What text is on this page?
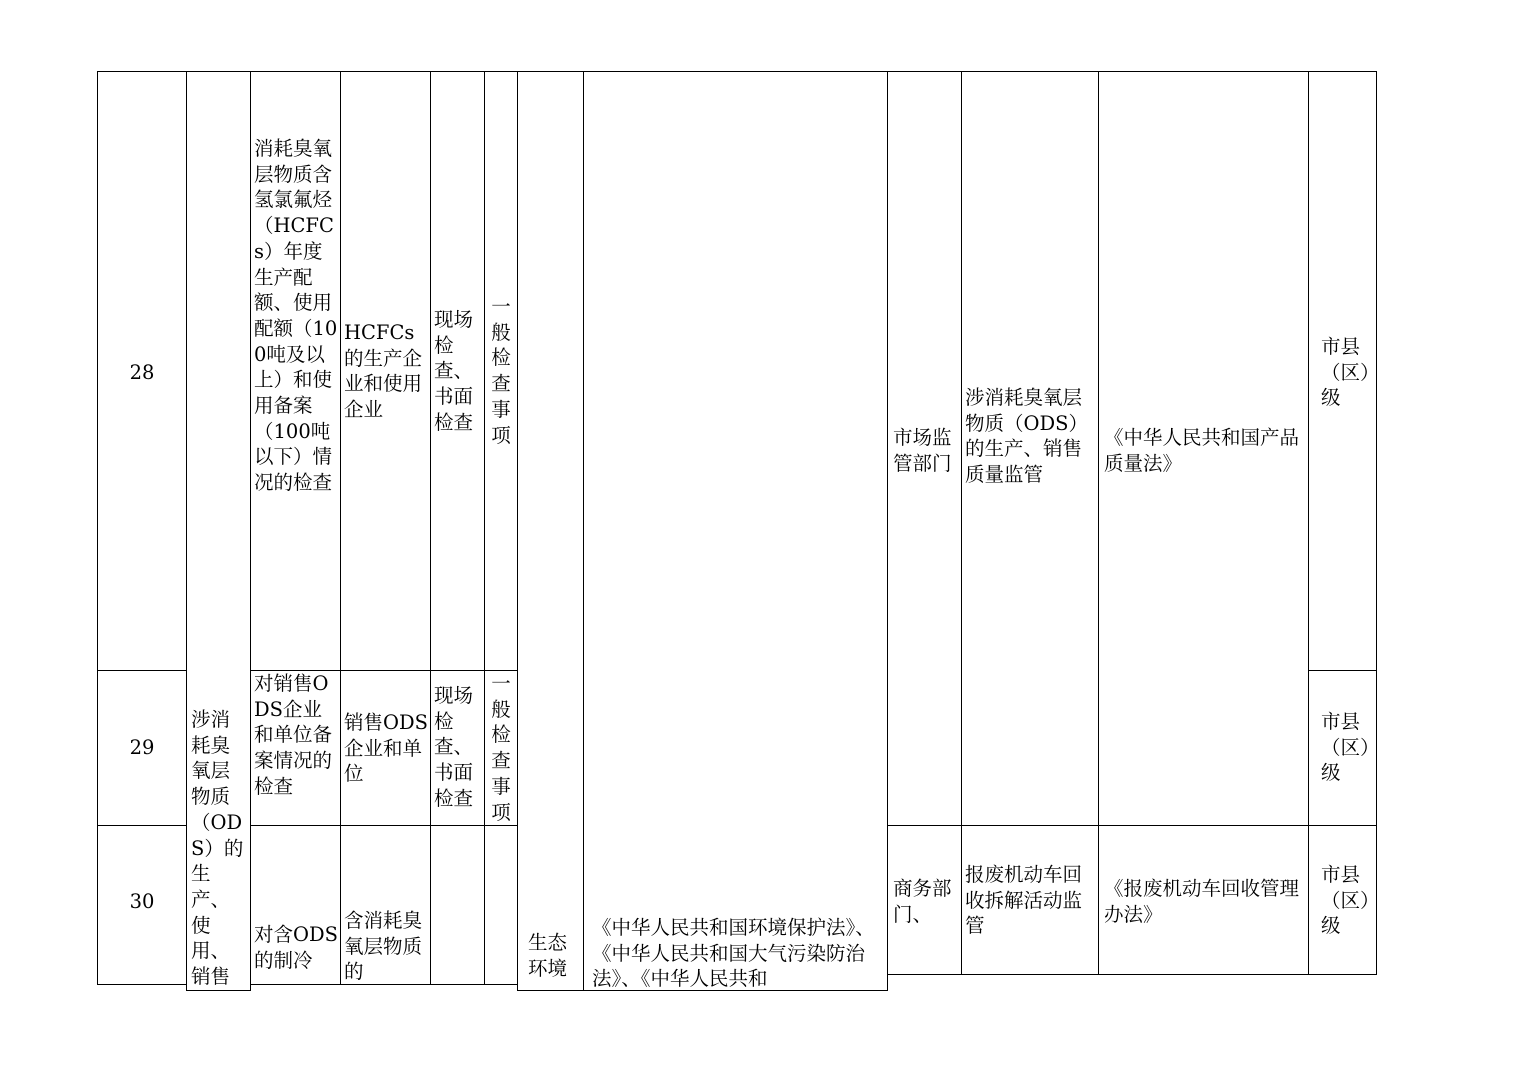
28

消耗臭氧层物质含氢氯氟烃（HCFCs）年度生产配额、使用配额（100吨及以上）和使用备案（100吨以下）情况的检查

HCFCs的生产企业和使用企业

现场检查、书面检查

一般检查事项

市县（区）级

29

对销售ODS企业和单位备案情况的检查

销售ODS企业和单位

现场检查、书面检查

一般检查事项

市县（区）级

30

对含ODS的制冷

含消耗臭氧层物质的

市县（区）级

涉消耗臭氧层物质（ODS）的生产、使用、销售

生态环境

《中华人民共和国环境保护法》、《中华人民共和国大气污染防治法》、《中华人民共和

市场监管部门

涉消耗臭氧层物质（ODS）的生产、销售质量监管

《中华人民共和国产品质量法》

商务部门、

报废机动车回收拆解活动监管

《报废机动车回收管理办法》
